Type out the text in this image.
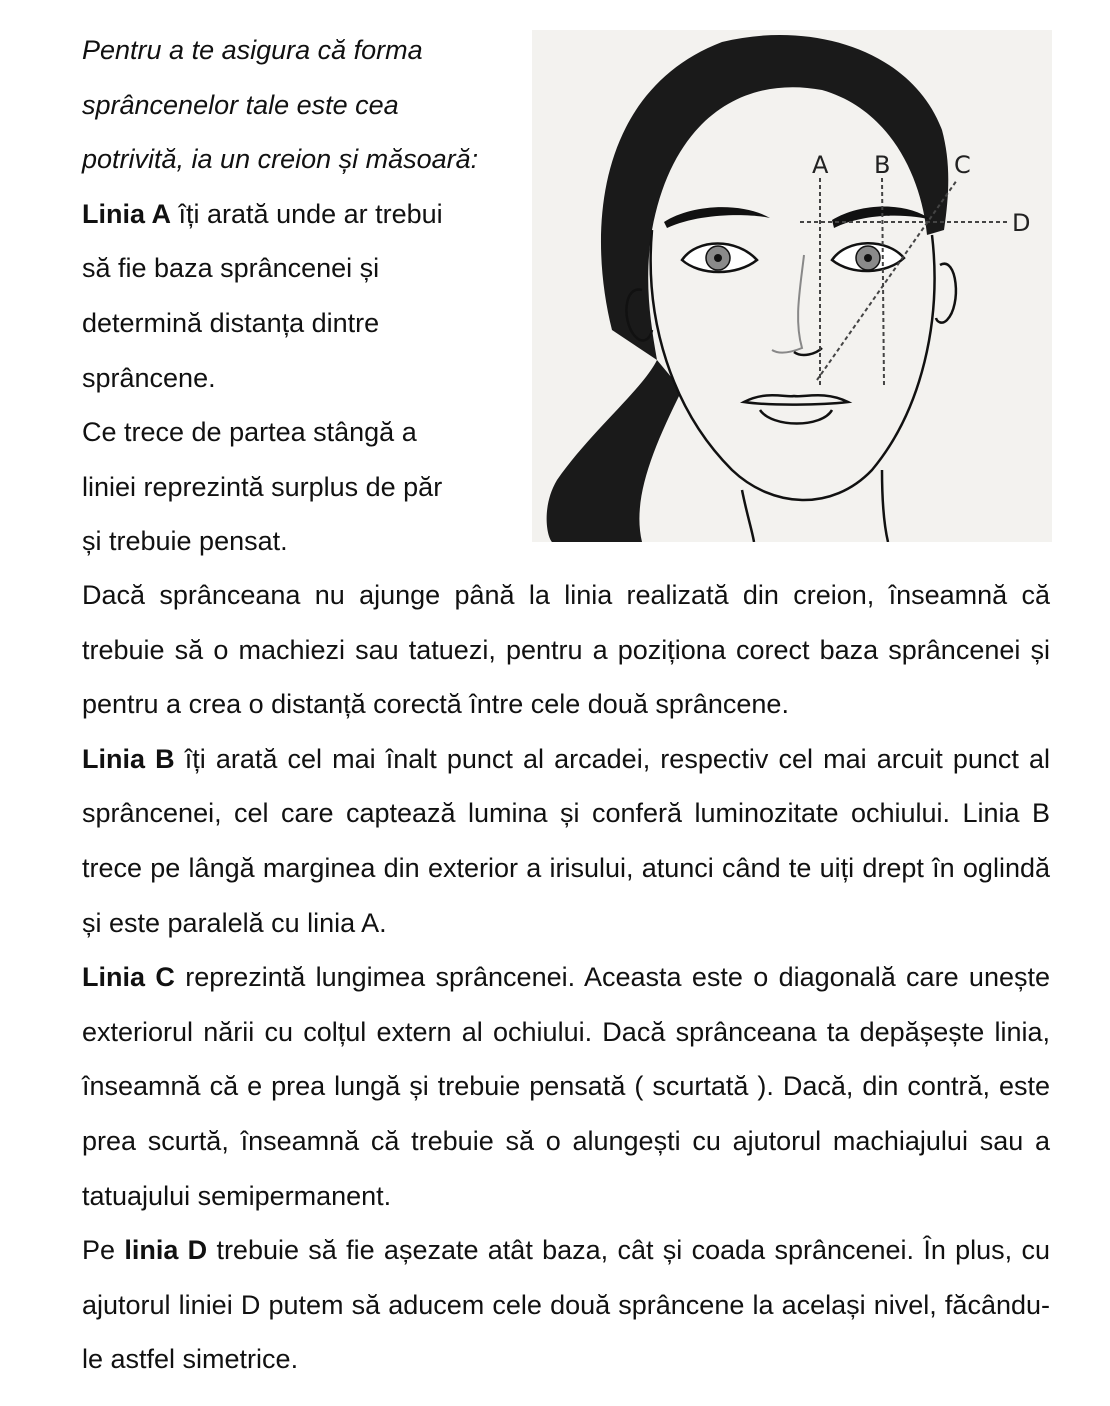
Pentru a te asigura că forma
sprâncenelor tale este cea
potrivită, ia un creion și măsoară:

Linia A îți arată unde ar trebui
să fie baza sprâncenei și
determină distanța dintre
sprâncene.

Ce trece de partea stângă a
liniei reprezintă surplus de păr
și trebuie pensat.

A B	C
D

Dacă sprânceana nu ajunge până la linia realizată din creion, înseamnă că trebuie să o machiezi sau tatuezi, pentru a poziționa corect baza sprâncenei și pentru a crea o distanță corectă între cele două sprâncene.

Linia B îți arată cel mai înalt punct al arcadei, respectiv cel mai arcuit punct al sprâncenei, cel care captează lumina și conferă luminozitate ochiului. Linia B trece pe lângă marginea din exterior a irisului, atunci când te uiți drept în oglindă și este paralelă cu linia A.

Linia C reprezintă lungimea sprâncenei. Aceasta este o diagonală care unește exteriorul nării cu colțul extern al ochiului. Dacă sprânceana ta depășește linia, înseamnă că e prea lungă și trebuie pensată ( scurtată ). Dacă, din contră, este prea scurtă, înseamnă că trebuie să o alungești cu ajutorul machiajului sau a tatuajului semipermanent.

Pe linia D trebuie să fie așezate atât baza, cât și coada sprâncenei. În plus, cu ajutorul liniei D putem să aducem cele două sprâncene la același nivel, făcându-le astfel simetrice.
